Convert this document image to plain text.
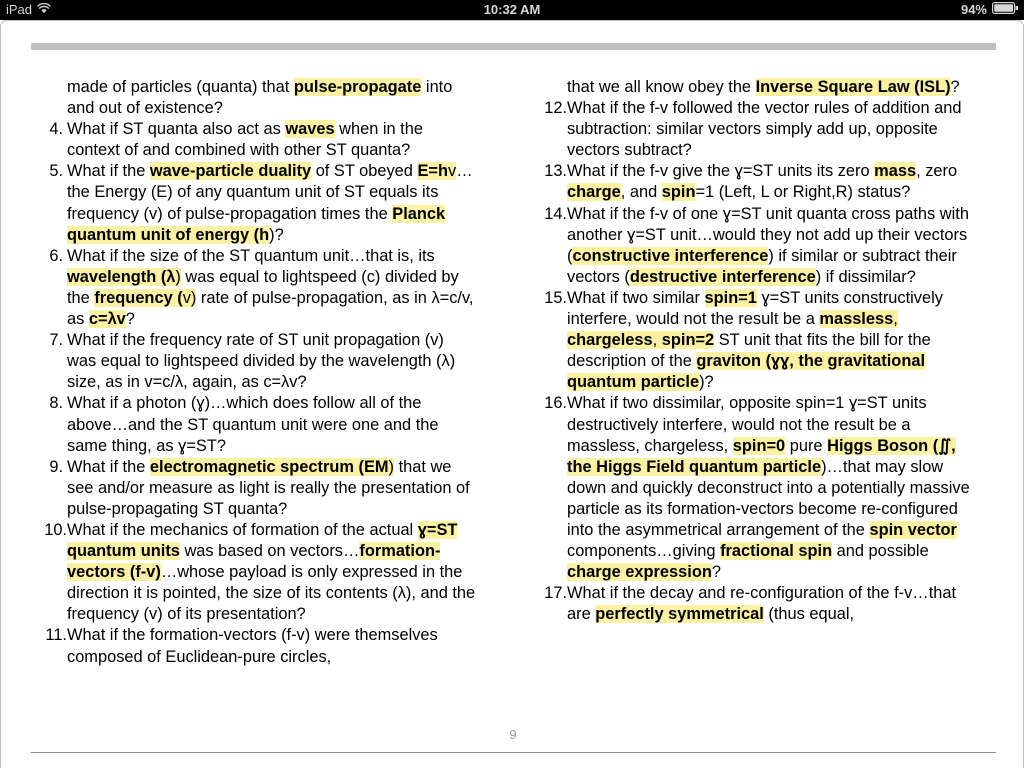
iPad	10:32 AM	94%
made of particles (quanta) that pulse-propagate into and out of existence?
4. What if ST quanta also act as waves when in the context of and combined with other ST quanta?
5. What if the wave-particle duality of ST obeyed E=hv…the Energy (E) of any quantum unit of ST equals its frequency (v) of pulse-propagation times the Planck quantum unit of energy (h)?
6. What if the size of the ST quantum unit…that is, its wavelength (λ) was equal to lightspeed (c) divided by the frequency (v) rate of pulse-propagation, as in λ=c/v, as c=λv?
7. What if the frequency rate of ST unit propagation (v) was equal to lightspeed divided by the wavelength (λ) size, as in v=c/λ, again, as c=λv?
8. What if a photon (ɣ)…which does follow all of the above…and the ST quantum unit were one and the same thing, as ɣ=ST?
9. What if the electromagnetic spectrum (EM) that we see and/or measure as light is really the presentation of pulse-propagating ST quanta?
10. What if the mechanics of formation of the actual ɣ=ST quantum units was based on vectors…formation-vectors (f-v)…whose payload is only expressed in the direction it is pointed, the size of its contents (λ), and the frequency (v) of its presentation?
11. What if the formation-vectors (f-v) were themselves composed of Euclidean-pure circles,
that we all know obey the Inverse Square Law (ISL)?
12. What if the f-v followed the vector rules of addition and subtraction: similar vectors simply add up, opposite vectors subtract?
13. What if the f-v give the ɣ=ST units its zero mass, zero charge, and spin=1 (Left, L or Right,R) status?
14. What if the f-v of one ɣ=ST unit quanta cross paths with another ɣ=ST unit…would they not add up their vectors (constructive interference) if similar or subtract their vectors (destructive interference) if dissimilar?
15. What if two similar spin=1 ɣ=ST units constructively interfere, would not the result be a massless, chargeless, spin=2 ST unit that fits the bill for the description of the graviton (ɣɣ, the gravitational quantum particle)?
16. What if two dissimilar, opposite spin=1 ɣ=ST units destructively interfere, would not the result be a massless, chargeless, spin=0 pure Higgs Boson (∬, the Higgs Field quantum particle)…that may slow down and quickly deconstruct into a potentially massive particle as its formation-vectors become re-configured into the asymmetrical arrangement of the spin vector components…giving fractional spin and possible charge expression?
17. What if the decay and re-configuration of the f-v…that are perfectly symmetrical (thus equal,
9
